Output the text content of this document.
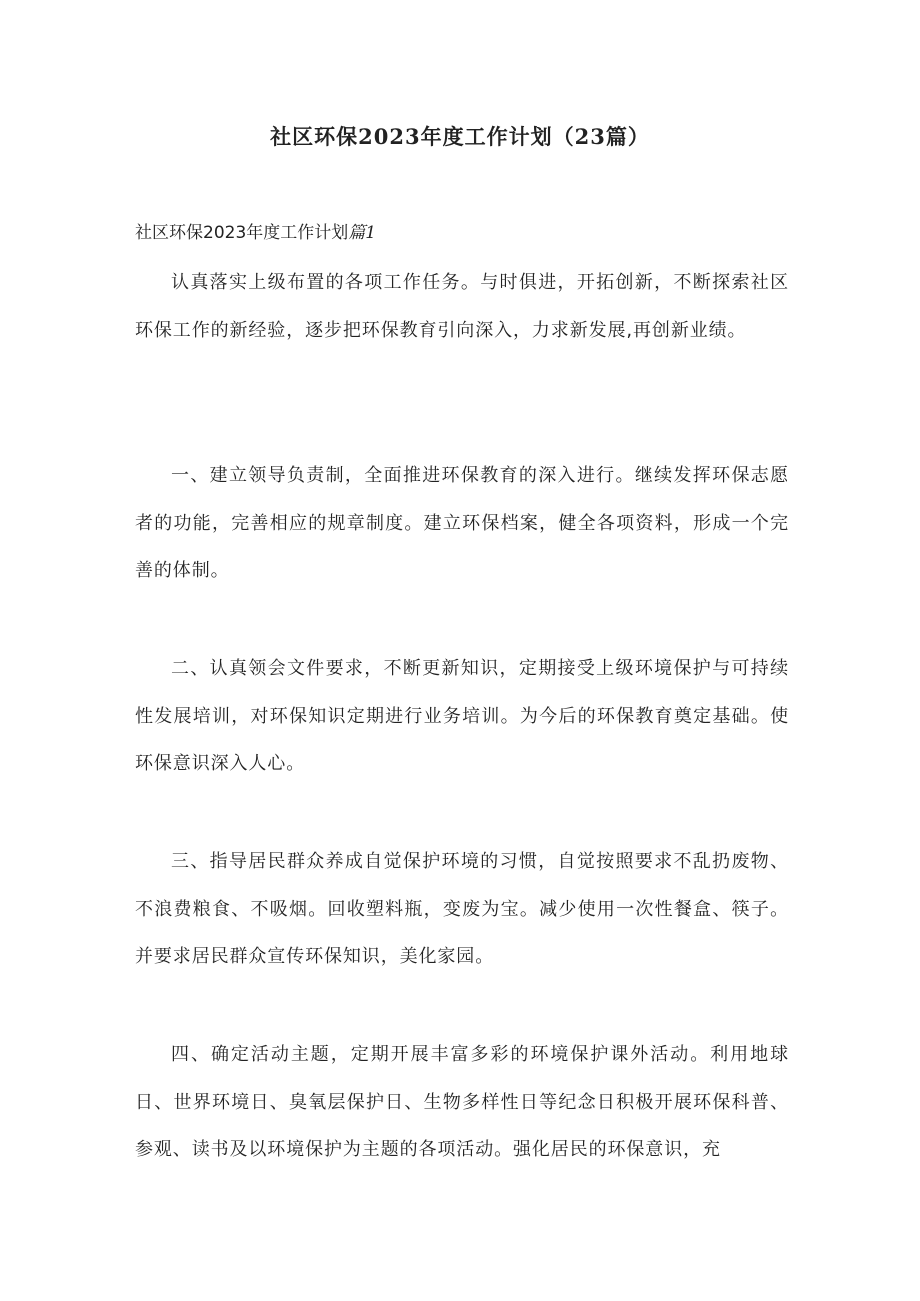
社区环保2023年度工作计划（23篇）
社区环保2023年度工作计划篇1

认真落实上级布置的各项工作任务。与时俱进，开拓创新，不断探索社区环保工作的新经验，逐步把环保教育引向深入，力求新发展,再创新业绩。

一、建立领导负责制，全面推进环保教育的深入进行。继续发挥环保志愿者的功能，完善相应的规章制度。建立环保档案，健全各项资料，形成一个完善的体制。

二、认真领会文件要求，不断更新知识，定期接受上级环境保护与可持续性发展培训，对环保知识定期进行业务培训。为今后的环保教育奠定基础。使环保意识深入人心。

三、指导居民群众养成自觉保护环境的习惯，自觉按照要求不乱扔废物、不浪费粮食、不吸烟。回收塑料瓶，变废为宝。减少使用一次性餐盒、筷子。并要求居民群众宣传环保知识，美化家园。

四、确定活动主题，定期开展丰富多彩的环境保护课外活动。利用地球日、世界环境日、臭氧层保护日、生物多样性日等纪念日积极开展环保科普、参观、读书及以环境保护为主题的各项活动。强化居民的环保意识，充
